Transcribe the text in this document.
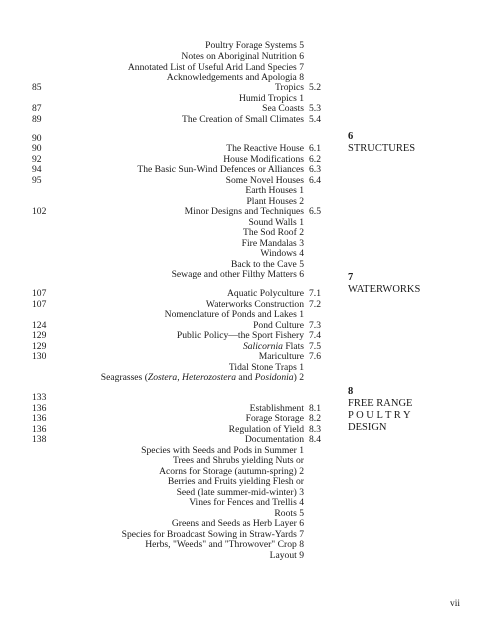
Poultry Forage Systems 5
Notes on Aboriginal Nutrition 6
Annotated List of Useful Arid Land Species 7
Acknowledgements and Apologia 8
85	Tropics 5.2
Humid Tropics 1
87	Sea Coasts 5.3
89	The Creation of Small Climates 5.4
90
90	The Reactive House 6.1
92	House Modifications 6.2
94	The Basic Sun-Wind Defences or Alliances 6.3
95	Some Novel Houses 6.4
Earth Houses 1
Plant Houses 2
102	Minor Designs and Techniques 6.5
Sound Walls 1
The Sod Roof 2
Fire Mandalas 3
Windows 4
Back to the Cave 5
Sewage and other Filthy Matters 6
107	Aquatic Polyculture 7.1
107	Waterworks Construction 7.2
Nomenclature of Ponds and Lakes 1
124	Pond Culture 7.3
129	Public Policy—the Sport Fishery 7.4
129	Salicornia Flats 7.5
130	Mariculture 7.6
Tidal Stone Traps 1
Seagrasses (Zostera, Heterozostera and Posidonia) 2
133
136	Establishment 8.1
136	Forage Storage 8.2
136	Regulation of Yield 8.3
138	Documentation 8.4
Species with Seeds and Pods in Summer 1
Trees and Shrubs yielding Nuts or
Acorns for Storage (autumn-spring) 2
Berries and Fruits yielding Flesh or
Seed (late summer-mid-winter) 3
Vines for Fences and Trellis 4
Roots 5
Greens and Seeds as Herb Layer 6
Species for Broadcast Sowing in Straw-Yards 7
Herbs, "Weeds" and "Throwover" Crop 8
Layout 9
6
STRUCTURES
7
WATERWORKS
8
FREE RANGE
P O U L T R Y
DESIGN
vii
